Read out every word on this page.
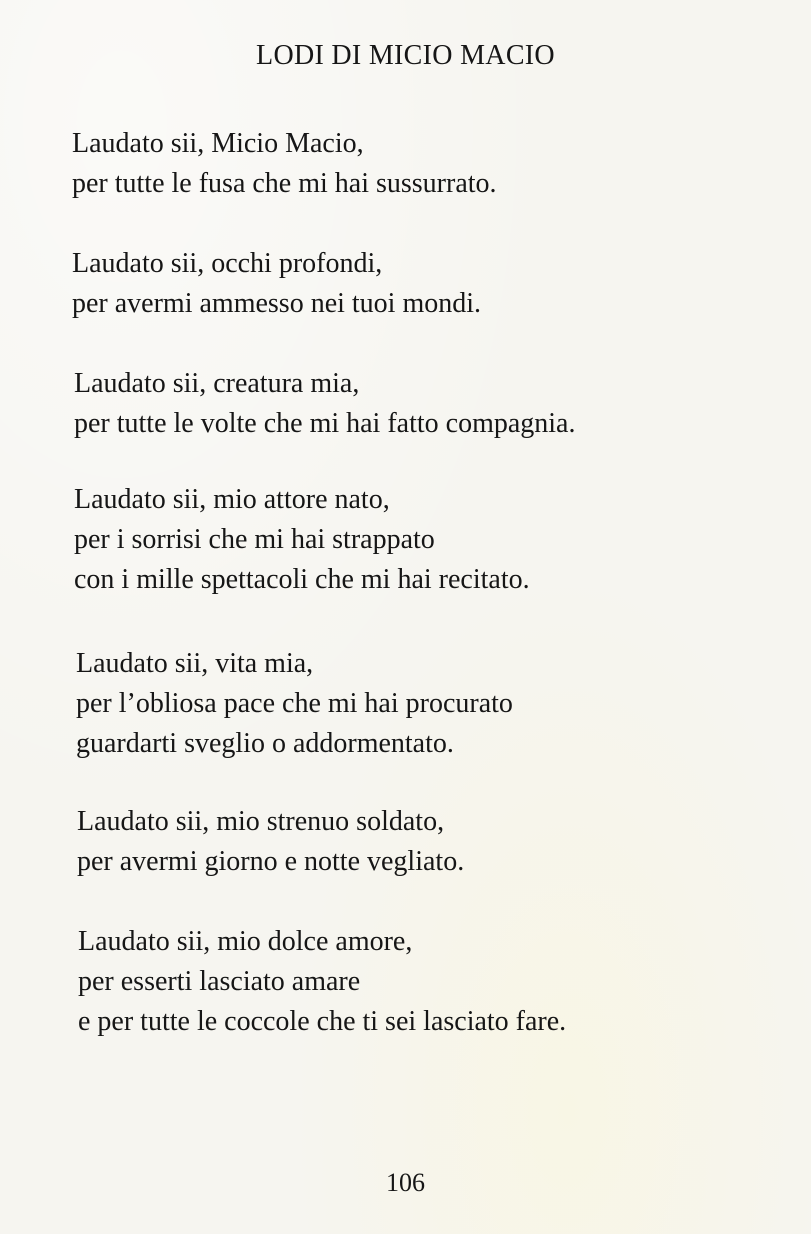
LODI DI MICIO MACIO
Laudato sii, Micio Macio,
per tutte le fusa che mi hai sussurrato.
Laudato sii, occhi profondi,
per avermi ammesso nei tuoi mondi.
Laudato sii, creatura mia,
per tutte le volte che mi hai fatto compagnia.
Laudato sii, mio attore nato,
per i sorrisi che mi hai strappato
con i mille spettacoli che mi hai recitato.
Laudato sii, vita mia,
per l’obliosa pace che mi hai procurato
guardarti sveglio o addormentato.
Laudato sii, mio strenuo soldato,
per avermi giorno e notte vegliato.
Laudato sii, mio dolce amore,
per esserti lasciato amare
e per tutte le coccole che ti sei lasciato fare.
106
